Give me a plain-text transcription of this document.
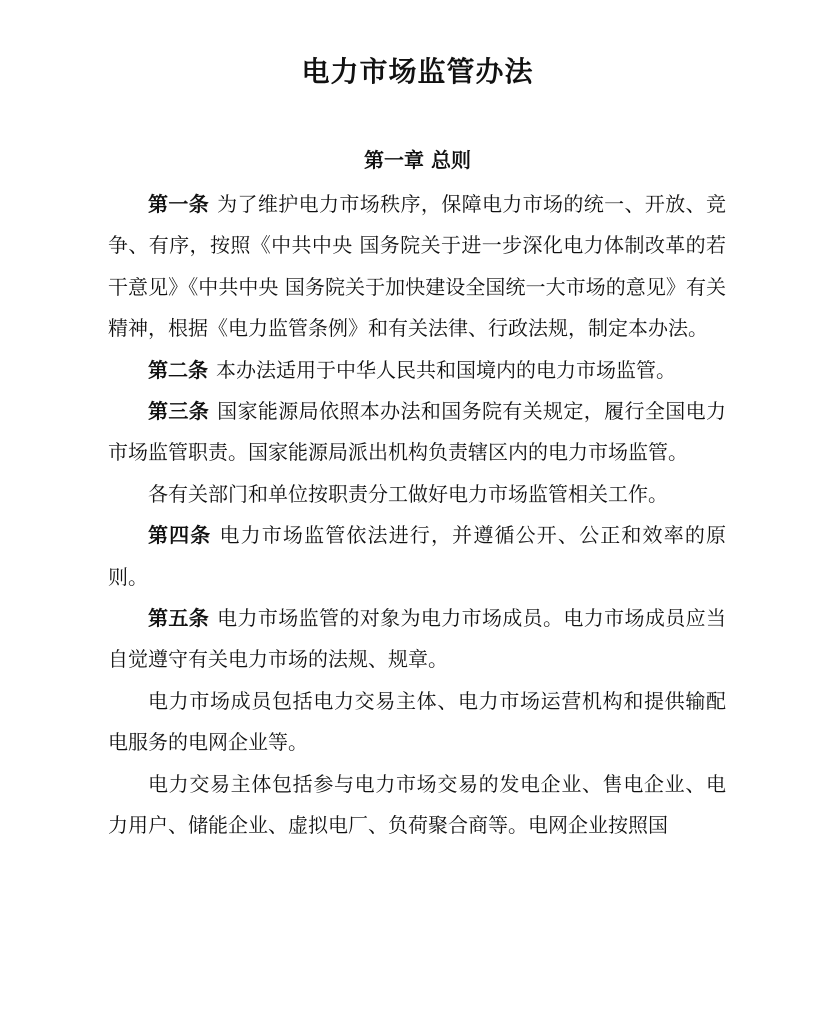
电力市场监管办法
第一章 总则

第一条 为了维护电力市场秩序，保障电力市场的统一、开放、竞争、有序，按照《中共中央 国务院关于进一步深化电力体制改革的若干意见》《中共中央 国务院关于加快建设全国统一大市场的意见》有关精神，根据《电力监管条例》和有关法律、行政法规，制定本办法。

第二条 本办法适用于中华人民共和国境内的电力市场监管。

第三条 国家能源局依照本办法和国务院有关规定，履行全国电力市场监管职责。国家能源局派出机构负责辖区内的电力市场监管。

各有关部门和单位按职责分工做好电力市场监管相关工作。

第四条 电力市场监管依法进行，并遵循公开、公正和效率的原则。

第五条 电力市场监管的对象为电力市场成员。电力市场成员应当自觉遵守有关电力市场的法规、规章。

电力市场成员包括电力交易主体、电力市场运营机构和提供输配电服务的电网企业等。

电力交易主体包括参与电力市场交易的发电企业、售电企业、电力用户、储能企业、虚拟电厂、负荷聚合商等。电网企业按照国
